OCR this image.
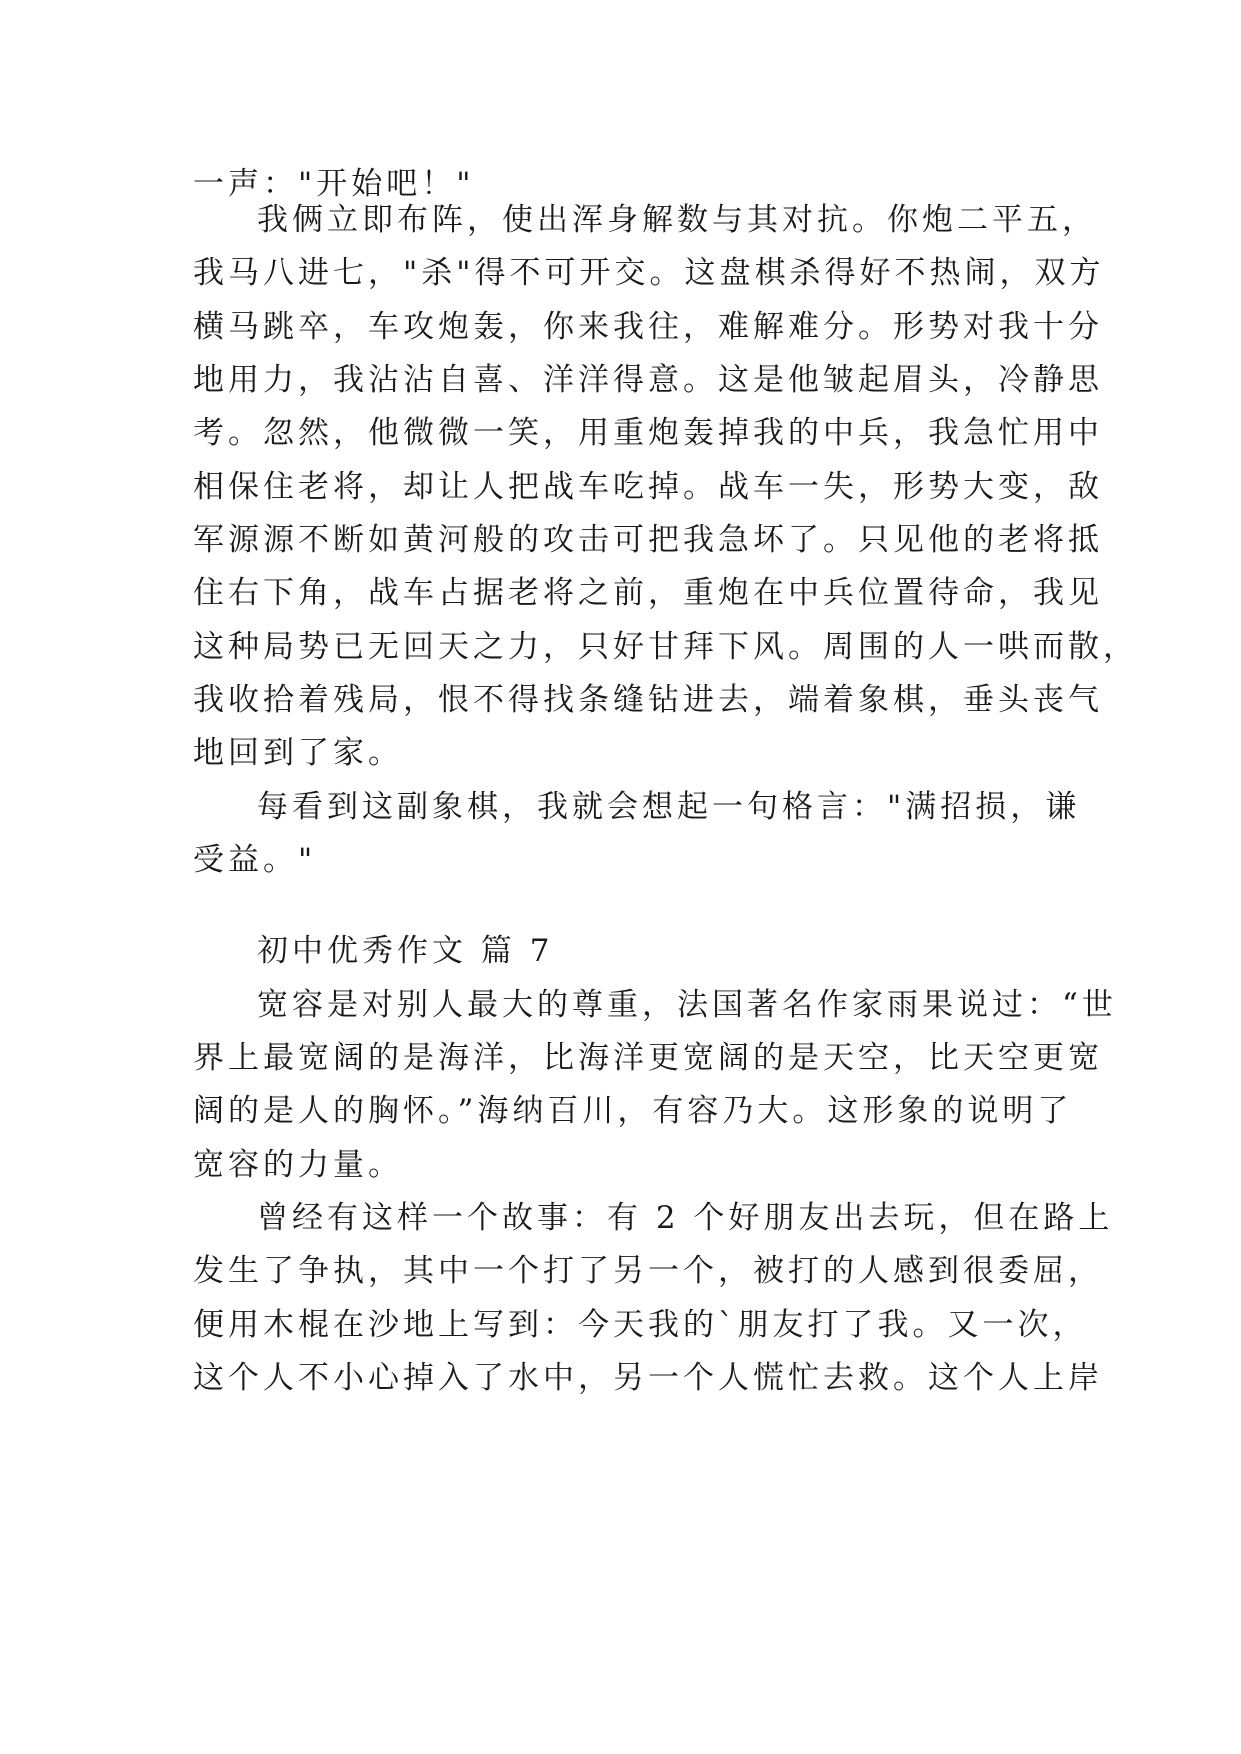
一声："开始吧！"
我俩立即布阵，使出浑身解数与其对抗。你炮二平五，
我马八进七，"杀"得不可开交。这盘棋杀得好不热闹，双方
横马跳卒，车攻炮轰，你来我往，难解难分。形势对我十分
地用力，我沾沾自喜、洋洋得意。这是他皱起眉头，冷静思
考。忽然，他微微一笑，用重炮轰掉我的中兵，我急忙用中
相保住老将，却让人把战车吃掉。战车一失，形势大变，敌
军源源不断如黄河般的攻击可把我急坏了。只见他的老将抵
住右下角，战车占据老将之前，重炮在中兵位置待命，我见
这种局势已无回天之力，只好甘拜下风。周围的人一哄而散，
我收拾着残局，恨不得找条缝钻进去，端着象棋，垂头丧气
地回到了家。
每看到这副象棋，我就会想起一句格言："满招损，谦
受益。"
初中优秀作文 篇 7
宽容是对别人最大的尊重，法国著名作家雨果说过：“世
界上最宽阔的是海洋，比海洋更宽阔的是天空，比天空更宽
阔的是人的胸怀。”海纳百川，有容乃大。这形象的说明了
宽容的力量。
曾经有这样一个故事：有 2 个好朋友出去玩，但在路上
发生了争执，其中一个打了另一个，被打的人感到很委屈，
便用木棍在沙地上写到：今天我的`朋友打了我。又一次，
这个人不小心掉入了水中，另一个人慌忙去救。这个人上岸
